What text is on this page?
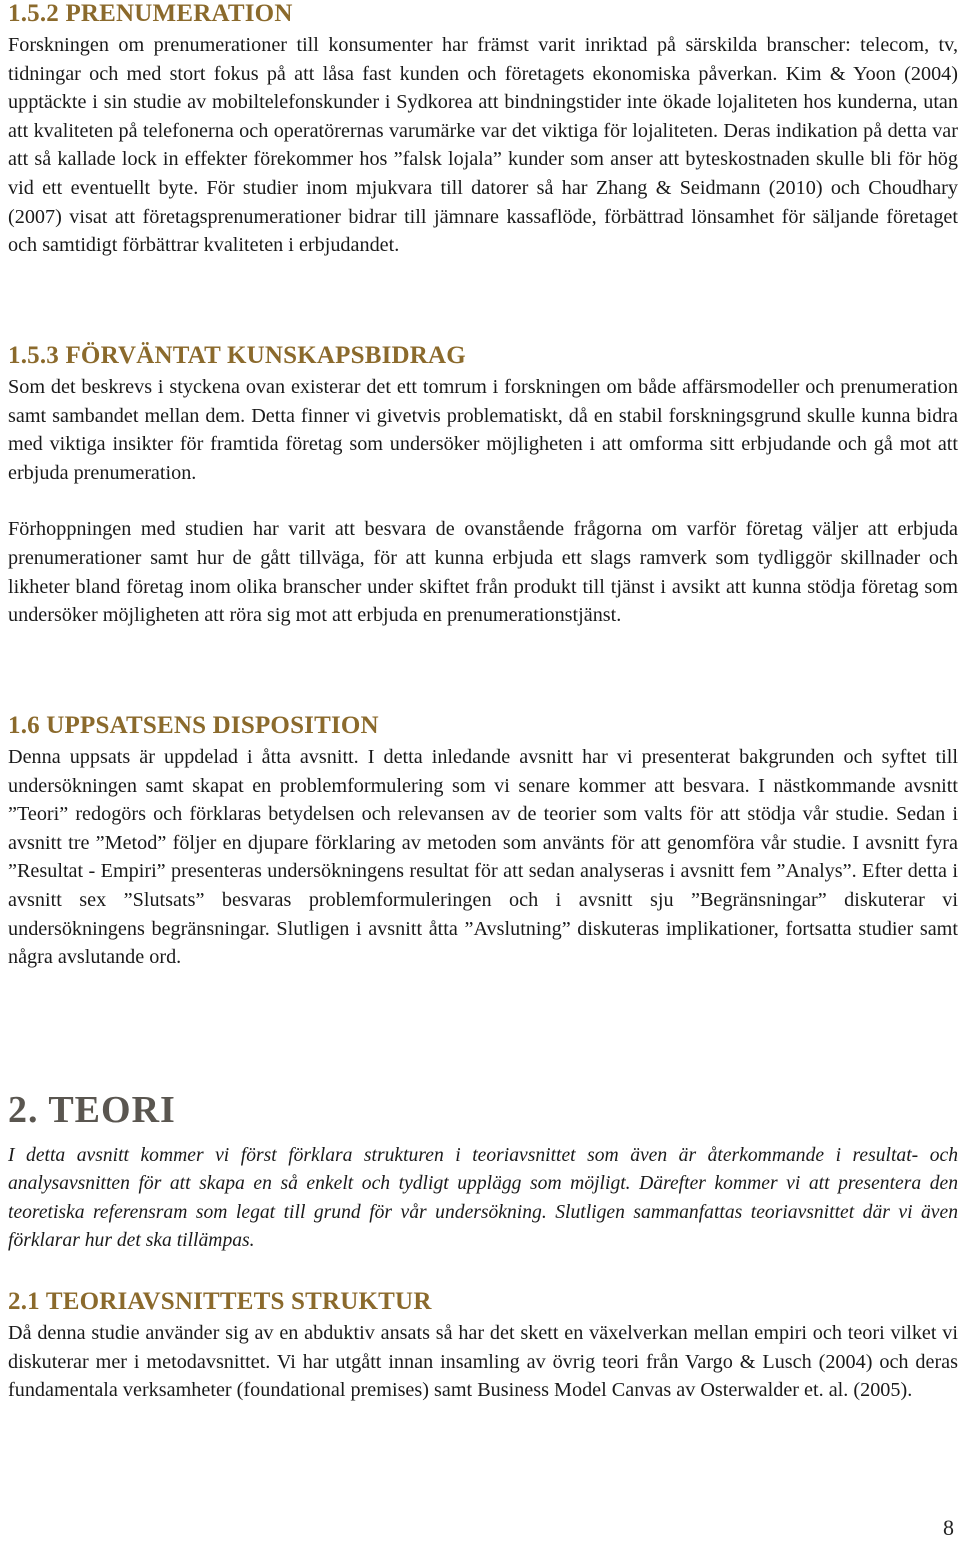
1.5.2 PRENUMERATION

Forskningen om prenumerationer till konsumenter har främst varit inriktad på särskilda branscher: telecom, tv, tidningar och med stort fokus på att låsa fast kunden och företagets ekonomiska påverkan. Kim & Yoon (2004) upptäckte i sin studie av mobiltelefonskunder i Sydkorea att bindningstider inte ökade lojaliteten hos kunderna, utan att kvaliteten på telefonerna och operatörernas varumärke var det viktiga för lojaliteten. Deras indikation på detta var att så kallade lock in effekter förekommer hos ”falsk lojala” kunder som anser att byteskostnaden skulle bli för hög vid ett eventuellt byte. För studier inom mjukvara till datorer så har Zhang & Seidmann (2010) och Choudhary (2007) visat att företagsprenumerationer bidrar till jämnare kassaflöde, förbättrad lönsamhet för säljande företaget och samtidigt förbättrar kvaliteten i erbjudandet.

1.5.3 FÖRVÄNTAT KUNSKAPSBIDRAG

Som det beskrevs i styckena ovan existerar det ett tomrum i forskningen om både affärsmodeller och prenumeration samt sambandet mellan dem. Detta finner vi givetvis problematiskt, då en stabil forskningsgrund skulle kunna bidra med viktiga insikter för framtida företag som undersöker möjligheten i att omforma sitt erbjudande och gå mot att erbjuda prenumeration.

Förhoppningen med studien har varit att besvara de ovanstående frågorna om varför företag väljer att erbjuda prenumerationer samt hur de gått tillväga, för att kunna erbjuda ett slags ramverk som tydliggör skillnader och likheter bland företag inom olika branscher under skiftet från produkt till tjänst i avsikt att kunna stödja företag som undersöker möjligheten att röra sig mot att erbjuda en prenumerationstjänst.

1.6 UPPSATSENS DISPOSITION

Denna uppsats är uppdelad i åtta avsnitt. I detta inledande avsnitt har vi presenterat bakgrunden och syftet till undersökningen samt skapat en problemformulering som vi senare kommer att besvara. I nästkommande avsnitt ”Teori” redogörs och förklaras betydelsen och relevansen av de teorier som valts för att stödja vår studie. Sedan i avsnitt tre ”Metod” följer en djupare förklaring av metoden som använts för att genomföra vår studie. I avsnitt fyra ”Resultat - Empiri” presenteras undersökningens resultat för att sedan analyseras i avsnitt fem ”Analys”. Efter detta i avsnitt sex ”Slutsats” besvaras problemformuleringen och i avsnitt sju ”Begränsningar” diskuterar vi undersökningens begränsningar. Slutligen i avsnitt åtta ”Avslutning” diskuteras implikationer, fortsatta studier samt några avslutande ord.

2. TEORI

I detta avsnitt kommer vi först förklara strukturen i teoriavsnittet som även är återkommande i resultat- och analysavsnitten för att skapa en så enkelt och tydligt upplägg som möjligt. Därefter kommer vi att presentera den teoretiska referensram som legat till grund för vår undersökning. Slutligen sammanfattas teoriavsnittet där vi även förklarar hur det ska tillämpas.

2.1 TEORIAVSNITTETS STRUKTUR

Då denna studie använder sig av en abduktiv ansats så har det skett en växelverkan mellan empiri och teori vilket vi diskuterar mer i metodavsnittet. Vi har utgått innan insamling av övrig teori från Vargo & Lusch (2004) och deras fundamentala verksamheter (foundational premises) samt Business Model Canvas av Osterwalder et. al. (2005).

8
